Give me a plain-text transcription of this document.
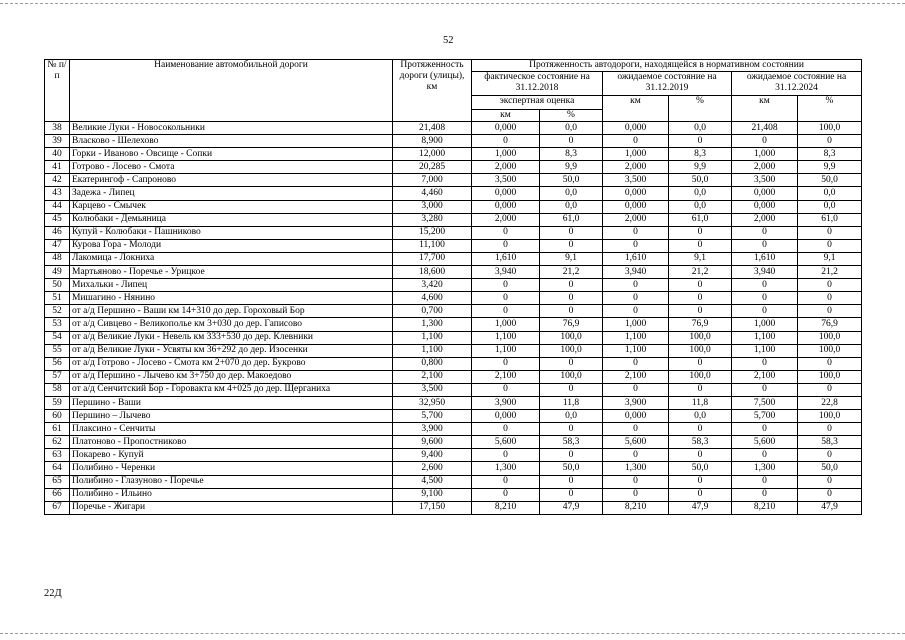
52
№ п/п	Наименование автомобильной дороги	Протяженность дороги (улицы), км	Протяженность автодороги, находящейся в нормативном состоянии					
			фактическое состояние на 31.12.2018		ожидаемое состояние на 31.12.2019		ожидаемое состояние на 31.12.2024	
			экспертная оценка		км	%	км	%
			км	%				
38	Великие Луки - Новосокольники	21,408	0,000	0,0	0,000	0,0	21,408	100,0
39	Власково - Шелехово	8,900	0	0	0	0	0	0
40	Горки - Иваново - Овсище - Сопки	12,000	1,000	8,3	1,000	8,3	1,000	8,3
41	Готрово - Лосево - Смота	20,285	2,000	9,9	2,000	9,9	2,000	9,9
42	Екатерингоф - Сапроново	7,000	3,500	50,0	3,500	50,0	3,500	50,0
43	Задежа - Липец	4,460	0,000	0,0	0,000	0,0	0,000	0,0
44	Карцево - Смычек	3,000	0,000	0,0	0,000	0,0	0,000	0,0
45	Колюбаки - Демьяница	3,280	2,000	61,0	2,000	61,0	2,000	61,0
46	Купуй - Колюбаки - Пашниково	15,200	0	0	0	0	0	0
47	Курова Гора - Молоди	11,100	0	0	0	0	0	0
48	Лакомица - Локниха	17,700	1,610	9,1	1,610	9,1	1,610	9,1
49	Мартьяново - Поречье - Урицкое	18,600	3,940	21,2	3,940	21,2	3,940	21,2
50	Михальки - Липец	3,420	0	0	0	0	0	0
51	Мишагино - Нянино	4,600	0	0	0	0	0	0
52	от а/д Першино - Ваши км 14+310 до дер. Гороховый Бор	0,700	0	0	0	0	0	0
53	от а/д Сивцево - Великополье км 3+030 до дер. Гаписово	1,300	1,000	76,9	1,000	76,9	1,000	76,9
54	от а/д Великие Луки - Невель км 333+530 до дер. Клевники	1,100	1,100	100,0	1,100	100,0	1,100	100,0
55	от а/д Великие Луки - Усвяты км 36+292 до дер. Изосенки	1,100	1,100	100,0	1,100	100,0	1,100	100,0
56	от а/д Готрово - Лосево - Смота км 2+070 до дер. Букрово	0,800	0	0	0	0	0	0
57	от а/д Першино - Лычево км 3+750 до дер. Макоедово	2,100	2,100	100,0	2,100	100,0	2,100	100,0
58	от а/д Сенчитский Бор - Горовакта км 4+025 до дер. Щерганиха	3,500	0	0	0	0	0	0
59	Першино - Ваши	32,950	3,900	11,8	3,900	11,8	7,500	22,8
60	Першино – Лычево	5,700	0,000	0,0	0,000	0,0	5,700	100,0
61	Плаксино - Сенчиты	3,900	0	0	0	0	0	0
62	Платоново - Пропостниково	9,600	5,600	58,3	5,600	58,3	5,600	58,3
63	Покарево - Купуй	9,400	0	0	0	0	0	0
64	Полибино - Черенки	2,600	1,300	50,0	1,300	50,0	1,300	50,0
65	Полибино - Глазуново - Поречье	4,500	0	0	0	0	0	0
66	Полибино - Ильино	9,100	0	0	0	0	0	0
67	Поречье - Жигари	17,150	8,210	47,9	8,210	47,9	8,210	47,9
22Д
